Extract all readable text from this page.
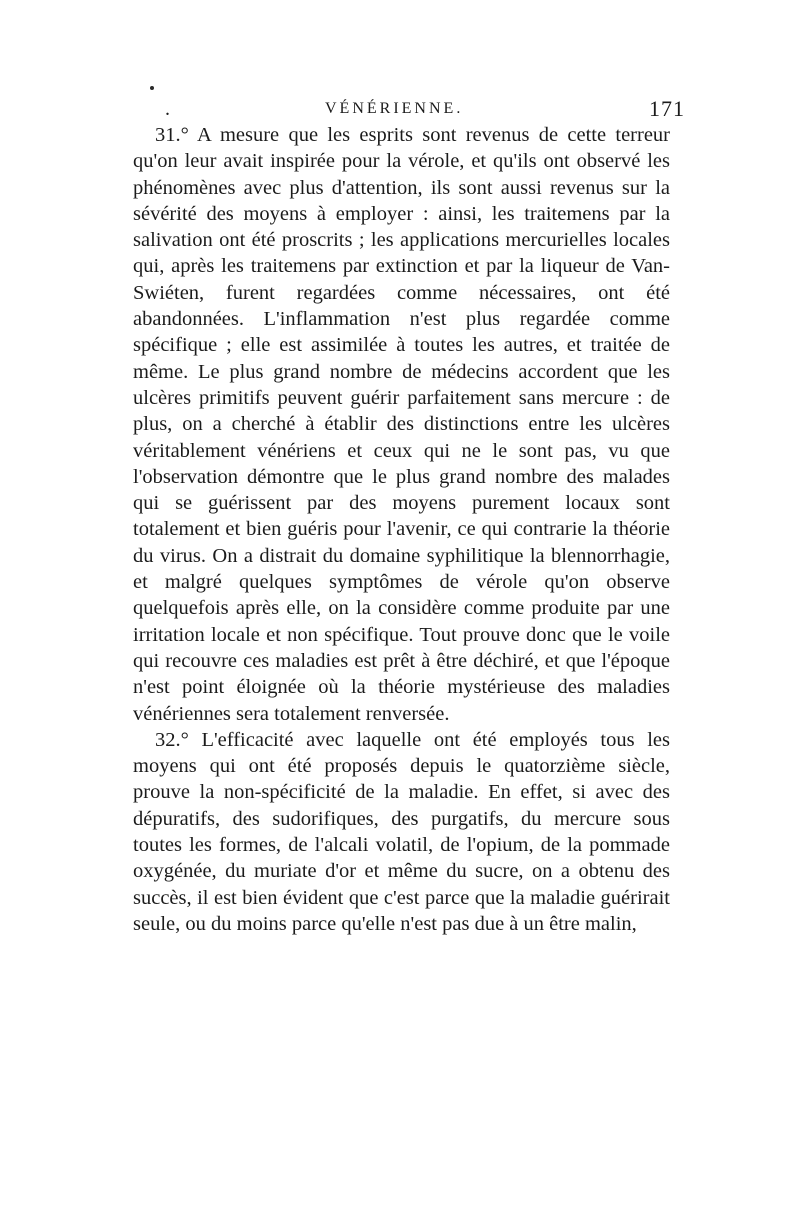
.	VÉNÉRIENNE.	171

31.° A mesure que les esprits sont revenus de cette terreur qu'on leur avait inspirée pour la vérole, et qu'ils ont observé les phénomènes avec plus d'attention, ils sont aussi revenus sur la sévérité des moyens à employer : ainsi, les traitemens par la salivation ont été proscrits ; les applications mercurielles locales qui, après les traitemens par extinction et par la liqueur de Van-Swiéten, furent regardées comme nécessaires, ont été abandonnées. L'inflammation n'est plus regardée comme spécifique ; elle est assimilée à toutes les autres, et traitée de même. Le plus grand nombre de médecins accordent que les ulcères primitifs peuvent guérir parfaitement sans mercure : de plus, on a cherché à établir des distinctions entre les ulcères véritablement vénériens et ceux qui ne le sont pas, vu que l'observation démontre que le plus grand nombre des malades qui se guérissent par des moyens purement locaux sont totalement et bien guéris pour l'avenir, ce qui contrarie la théorie du virus. On a distrait du domaine syphilitique la blennorrhagie, et malgré quelques symptômes de vérole qu'on observe quelquefois après elle, on la considère comme produite par une irritation locale et non spécifique. Tout prouve donc que le voile qui recouvre ces maladies est prêt à être déchiré, et que l'époque n'est point éloignée où la théorie mystérieuse des maladies vénériennes sera totalement renversée.

32.° L'efficacité avec laquelle ont été employés tous les moyens qui ont été proposés depuis le quatorzième siècle, prouve la non-spécificité de la maladie. En effet, si avec des dépuratifs, des sudorifiques, des purgatifs, du mercure sous toutes les formes, de l'alcali volatil, de l'opium, de la pommade oxygénée, du muriate d'or et même du sucre, on a obtenu des succès, il est bien évident que c'est parce que la maladie guérirait seule, ou du moins parce qu'elle n'est pas due à un être malin,
